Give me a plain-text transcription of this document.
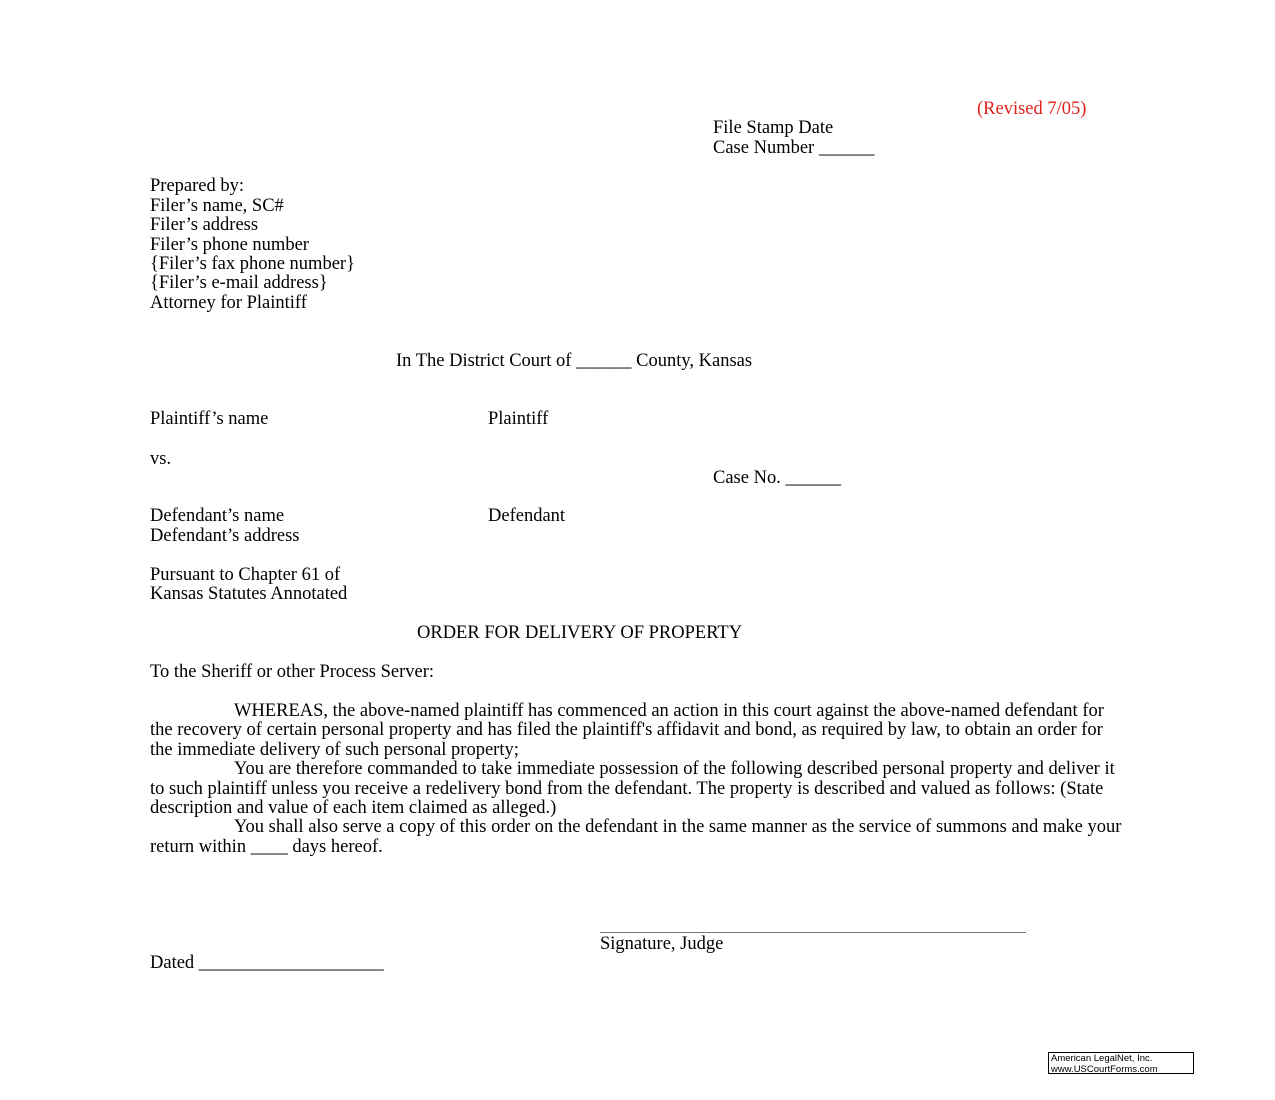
(Revised 7/05)
File Stamp Date
Case Number ______
Prepared by:
Filer’s name, SC#
Filer’s address
Filer’s phone number
{Filer’s fax phone number}
{Filer’s e-mail address}
Attorney for Plaintiff
In The District Court of ______ County, Kansas
Plaintiff’s name	Plaintiff
vs.
Case No. ______
Defendant’s name	Defendant
Defendant’s address
Pursuant to Chapter 61 of
Kansas Statutes Annotated
ORDER FOR DELIVERY OF PROPERTY
To the Sheriff or other Process Server:

WHEREAS, the above-named plaintiff has commenced an action in this court against the above-named defendant for the recovery of certain personal property and has filed the plaintiff's affidavit and bond, as required by law, to obtain an order for the immediate delivery of such personal property;

You are therefore commanded to take immediate possession of the following described personal property and deliver it to such plaintiff unless you receive a redelivery bond from the defendant. The property is described and valued as follows: (State description and value of each item claimed as alleged.)

You shall also serve a copy of this order on the defendant in the same manner as the service of summons and make your return within ____ days hereof.

Signature, Judge
Dated ____________________
American LegalNet, Inc.
www.USCourtForms.com
